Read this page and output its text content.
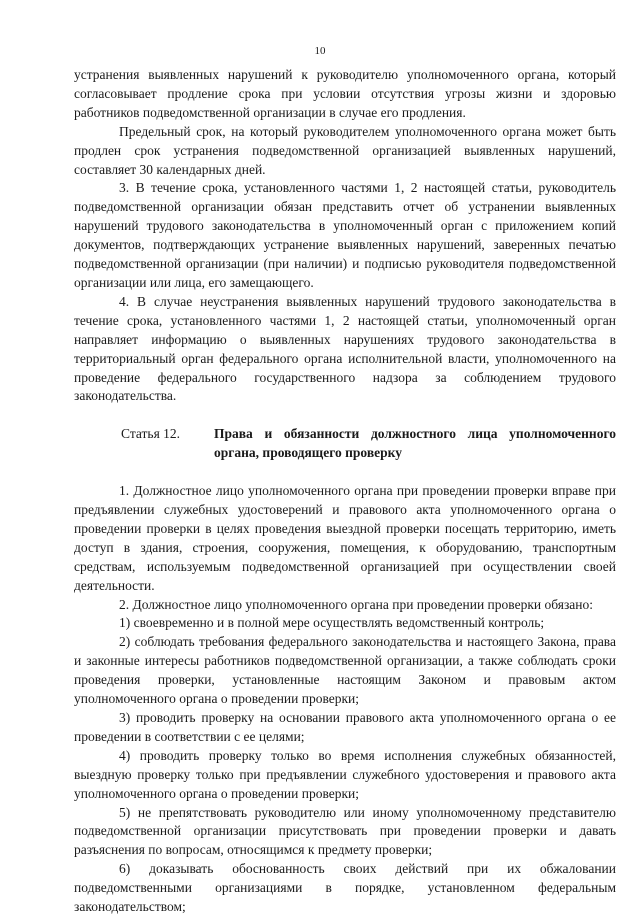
10

устранения выявленных нарушений к руководителю уполномоченного органа, который согласовывает продление срока при условии отсутствия угрозы жизни и здоровью работников подведомственной организации в случае его продления.

Предельный срок, на который руководителем уполномоченного органа может быть продлен срок устранения подведомственной организацией выявленных нарушений, составляет 30 календарных дней.

3. В течение срока, установленного частями 1, 2 настоящей статьи, руководитель подведомственной организации обязан представить отчет об устранении выявленных нарушений трудового законодательства в уполномоченный орган с приложением копий документов, подтверждающих устранение выявленных нарушений, заверенных печатью подведомственной организации (при наличии) и подписью руководителя подведомственной организации или лица, его замещающего.

4. В случае неустранения выявленных нарушений трудового законодательства в течение срока, установленного частями 1, 2 настоящей статьи, уполномоченный орган направляет информацию о выявленных нарушениях трудового законодательства в территориальный орган федерального органа исполнительной власти, уполномоченного на проведение федерального государственного надзора за соблюдением трудового законодательства.

Статья 12.	Права и обязанности должностного лица уполномоченного
органа, проводящего проверку

1. Должностное лицо уполномоченного органа при проведении проверки вправе при предъявлении служебных удостоверений и правового акта уполномоченного органа о проведении проверки в целях проведения выездной проверки посещать территорию, иметь доступ в здания, строения, сооружения, помещения, к оборудованию, транспортным средствам, используемым подведомственной организацией при осуществлении своей деятельности.

2. Должностное лицо уполномоченного органа при проведении проверки обязано:

1) своевременно и в полной мере осуществлять ведомственный контроль;

2) соблюдать требования федерального законодательства и настоящего Закона, права и законные интересы работников подведомственной организации, а также соблюдать сроки проведения проверки, установленные настоящим Законом и правовым актом уполномоченного органа о проведении проверки;

3) проводить проверку на основании правового акта уполномоченного органа о ее проведении в соответствии с ее целями;

4) проводить проверку только во время исполнения служебных обязанностей, выездную проверку только при предъявлении служебного удостоверения и правового акта уполномоченного органа о проведении проверки;

5) не препятствовать руководителю или иному уполномоченному представителю подведомственной организации присутствовать при проведении проверки и давать разъяснения по вопросам, относящимся к предмету проверки;

6) доказывать обоснованность своих действий при их обжаловании подведомственными организациями в порядке, установленном федеральным законодательством;
